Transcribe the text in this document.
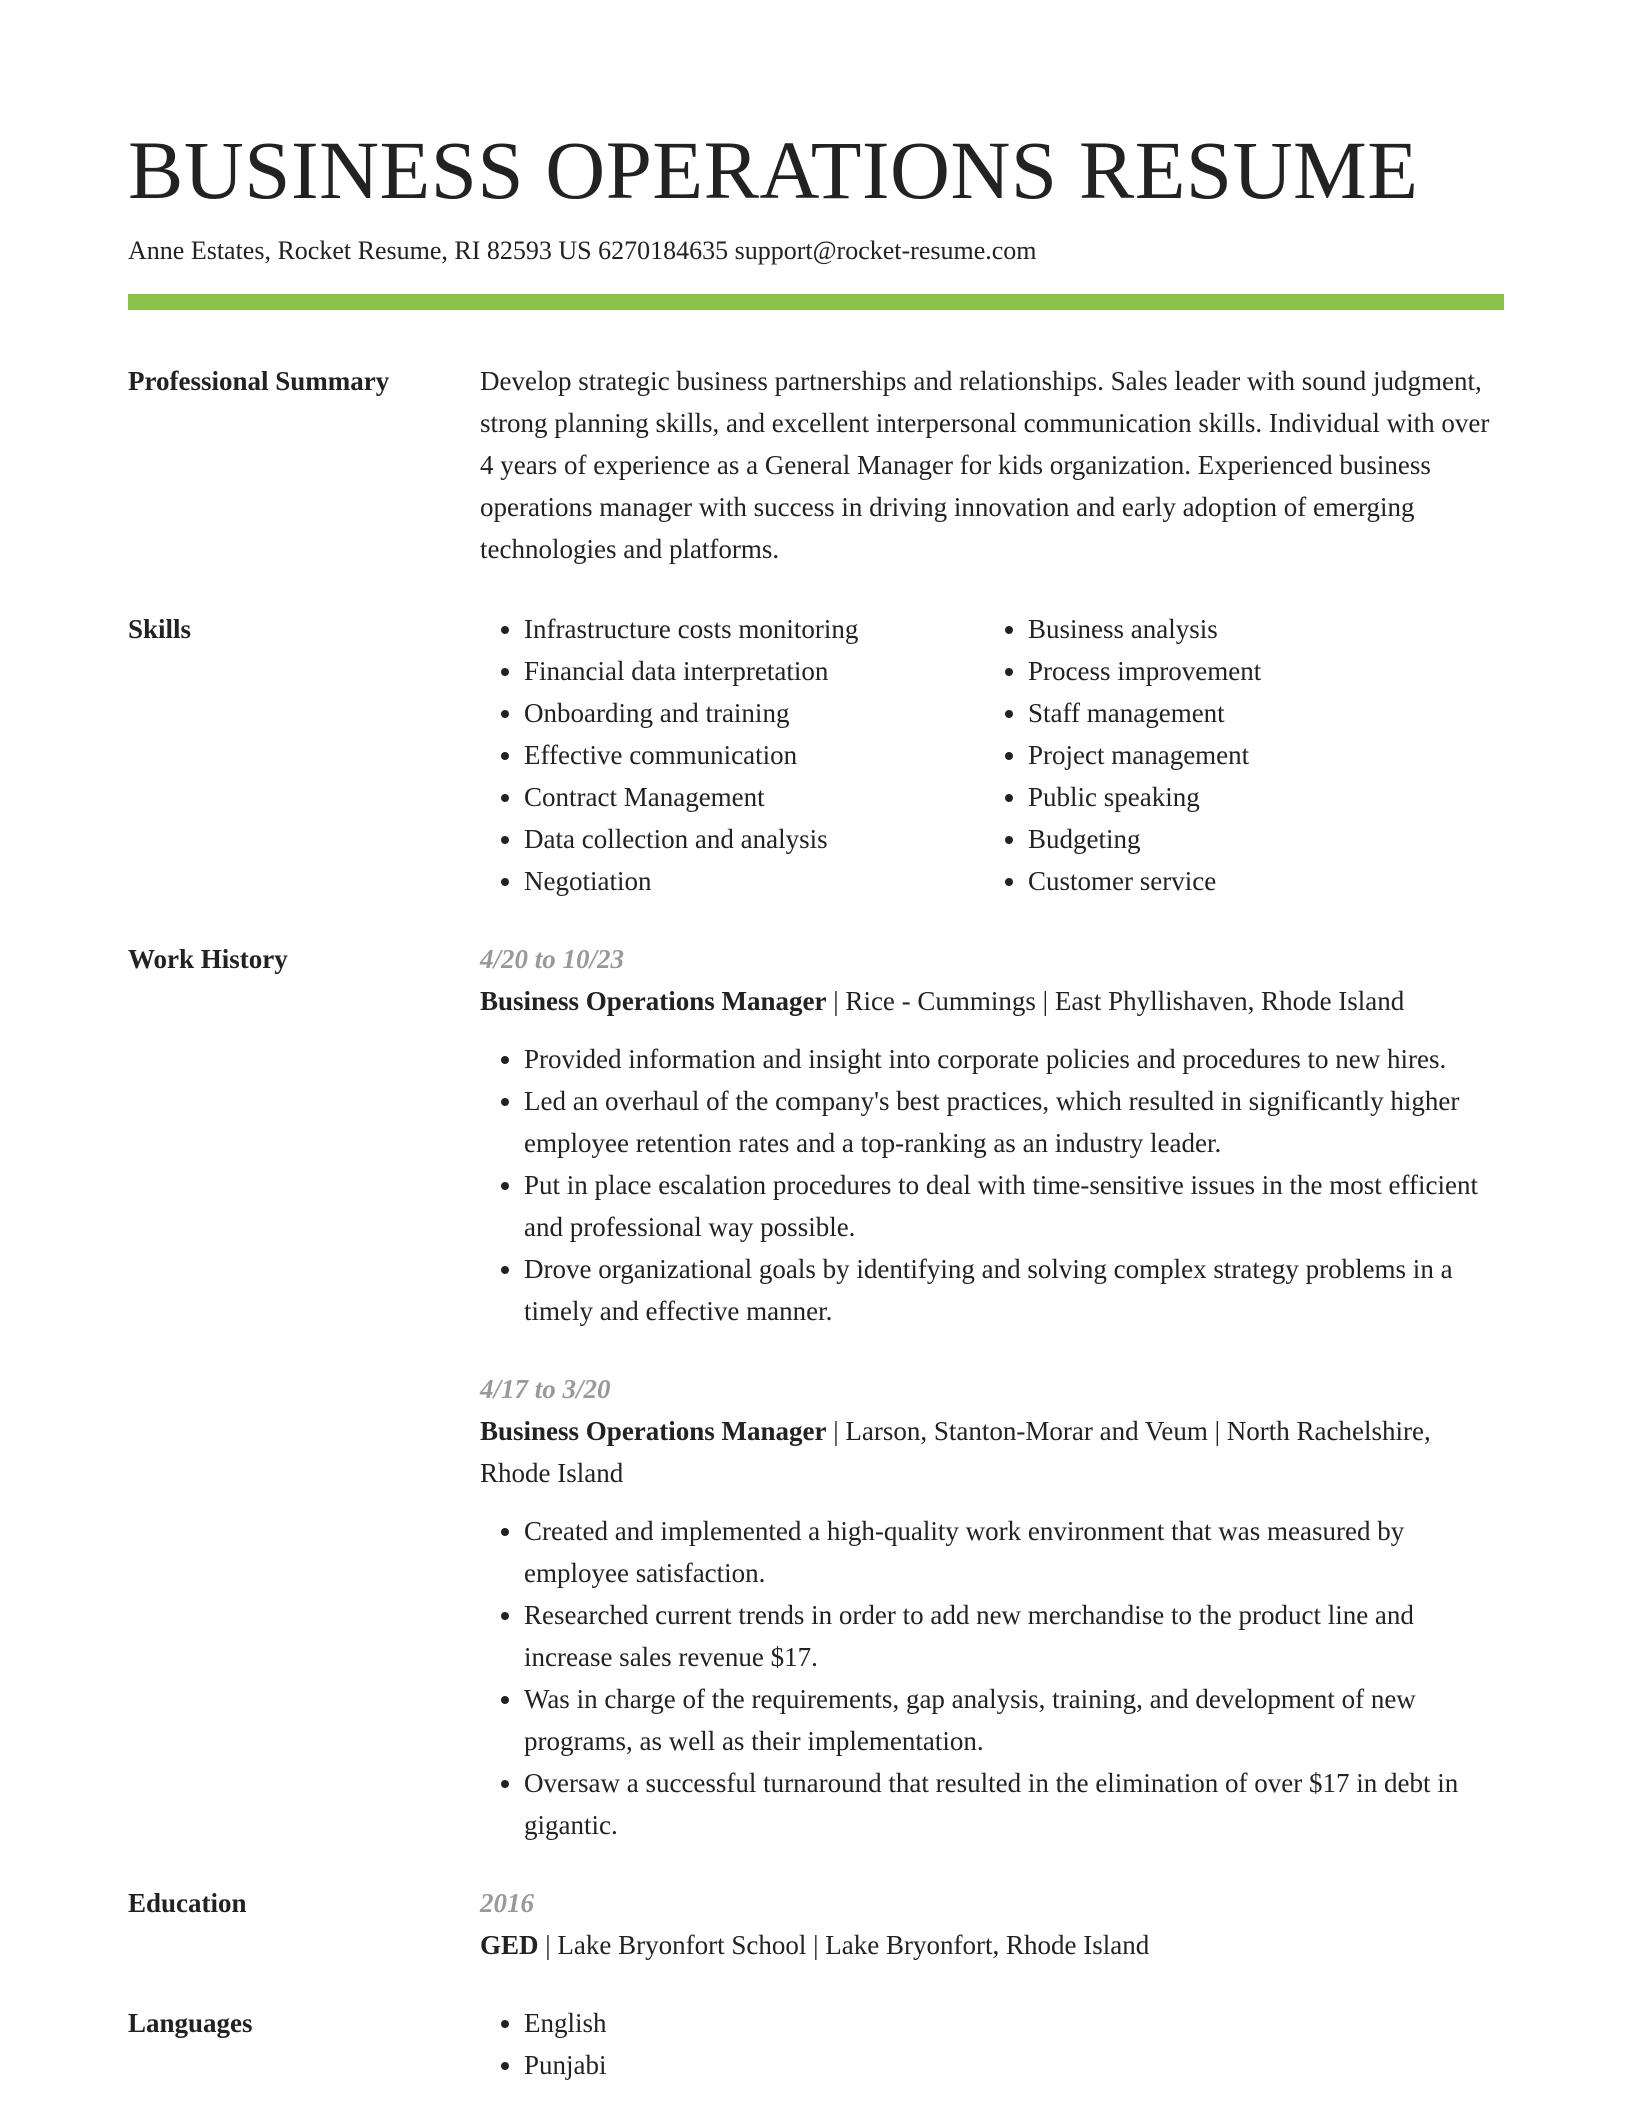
BUSINESS OPERATIONS RESUME
Anne Estates, Rocket Resume, RI 82593 US 6270184635 support@rocket-resume.com
Professional Summary	Develop strategic business partnerships and relationships. Sales leader with sound judgment, strong planning skills, and excellent interpersonal communication skills. Individual with over 4 years of experience as a General Manager for kids organization. Experienced business operations manager with success in driving innovation and early adoption of emerging technologies and platforms.

Skills	• Infrastructure costs monitoring
• Financial data interpretation
• Onboarding and training
• Effective communication
• Contract Management
• Data collection and analysis
• Negotiation
• Business analysis
• Process improvement
• Staff management
• Project management
• Public speaking
• Budgeting
• Customer service
Work History	4/20 to 10/23
Business Operations Manager | Rice - Cummings | East Phyllishaven, Rhode Island
• Provided information and insight into corporate policies and procedures to new hires.
• Led an overhaul of the company's best practices, which resulted in significantly higher employee retention rates and a top-ranking as an industry leader.
• Put in place escalation procedures to deal with time-sensitive issues in the most efficient and professional way possible.
• Drove organizational goals by identifying and solving complex strategy problems in a timely and effective manner.
4/17 to 3/20
Business Operations Manager | Larson, Stanton-Morar and Veum | North Rachelshire, Rhode Island
• Created and implemented a high-quality work environment that was measured by employee satisfaction.
• Researched current trends in order to add new merchandise to the product line and increase sales revenue $17.
• Was in charge of the requirements, gap analysis, training, and development of new programs, as well as their implementation.
• Oversaw a successful turnaround that resulted in the elimination of over $17 in debt in gigantic.
Education	2016
GED | Lake Bryonfort School | Lake Bryonfort, Rhode Island
Languages	• English
• Punjabi
